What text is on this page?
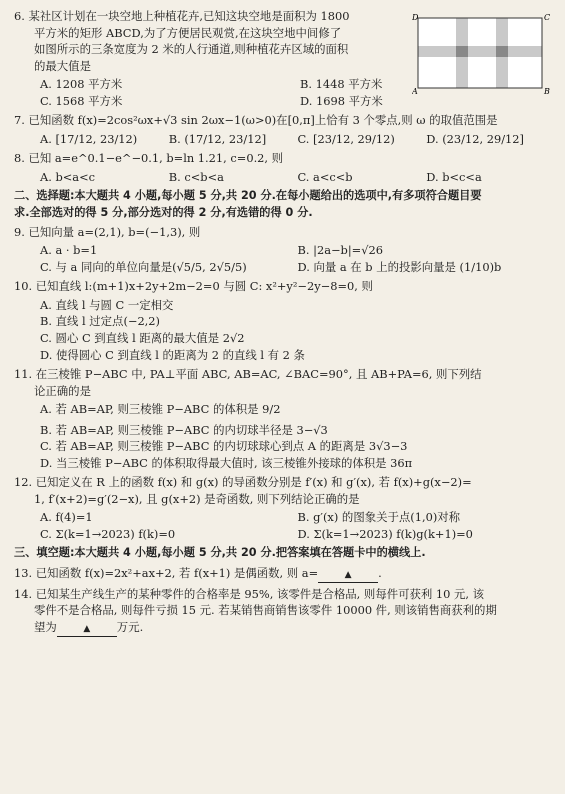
6. 某社区计划在一块空地上种植花卉,已知这块空地是面积为 1800
平方米的矩形 ABCD,为了方便居民观赏,在这块空地中间修了
如图所示的三条宽度为 2 米的人行通道,则种植花卉区域的面积
的最大值是
A. 1208 平方米	B. 1448 平方米
C. 1568 平方米	D. 1698 平方米
D	C
A	B
7. 已知函数 f(x)=2cos²ωx+√3 sin 2ωx−1(ω>0)在[0,π]上恰有 3 个零点,则 ω 的取值范围是
A. [17/12, 23/12)	B. (17/12, 23/12]	C. [23/12, 29/12)	D. (23/12, 29/12]
8. 已知 a=e^0.1−e^−0.1, b=ln 1.21, c=0.2, 则
A. b<a<c	B. c<b<a	C. a<c<b	D. b<c<a
二、选择题:本大题共 4 小题,每小题 5 分,共 20 分.在每小题给出的选项中,有多项符合题目要
求.全部选对的得 5 分,部分选对的得 2 分,有选错的得 0 分.
9. 已知向量 a=(2,1), b=(−1,3), 则
A. a · b=1	B. |2a−b|=√26
C. 与 a 同向的单位向量是(√5/5, 2√5/5)	D. 向量 a 在 b 上的投影向量是 (1/10)b
10. 已知直线 l:(m+1)x+2y+2m−2=0 与圆 C: x²+y²−2y−8=0, 则
A. 直线 l 与圆 C 一定相交
B. 直线 l 过定点(−2,2)
C. 圆心 C 到直线 l 距离的最大值是 2√2
D. 使得圆心 C 到直线 l 的距离为 2 的直线 l 有 2 条
11. 在三棱锥 P−ABC 中, PA⊥平面 ABC, AB=AC, ∠BAC=90°, 且 AB+PA=6, 则下列结
论正确的是
A. 若 AB=AP, 则三棱锥 P−ABC 的体积是 9/2
B. 若 AB=AP, 则三棱锥 P−ABC 的内切球半径是 3−√3
C. 若 AB=AP, 则三棱锥 P−ABC 的内切球球心到点 A 的距离是 3√3−3
D. 当三棱锥 P−ABC 的体积取得最大值时, 该三棱锥外接球的体积是 36π
12. 已知定义在 R 上的函数 f(x) 和 g(x) 的导函数分别是 f′(x) 和 g′(x), 若 f(x)+g(x−2)=
1, f′(x+2)=g′(2−x), 且 g(x+2) 是奇函数, 则下列结论正确的是
A. f(4)=1	B. g′(x) 的图象关于点(1,0)对称
C. Σ(k=1→2023) f(k)=0	D. Σ(k=1→2023) f(k)g(k+1)=0
三、填空题:本大题共 4 小题,每小题 5 分,共 20 分.把答案填在答题卡中的横线上.
13. 已知函数 f(x)=2x²+ax+2, 若 f(x+1) 是偶函数, 则 a=	▲ .
14. 已知某生产线生产的某种零件的合格率是 95%, 该零件是合格品, 则每件可获利 10 元, 该
零件不是合格品, 则每件亏损 15 元. 若某销售商销售该零件 10000 件, 则该销售商获利的期
望为	▲ 万元.
